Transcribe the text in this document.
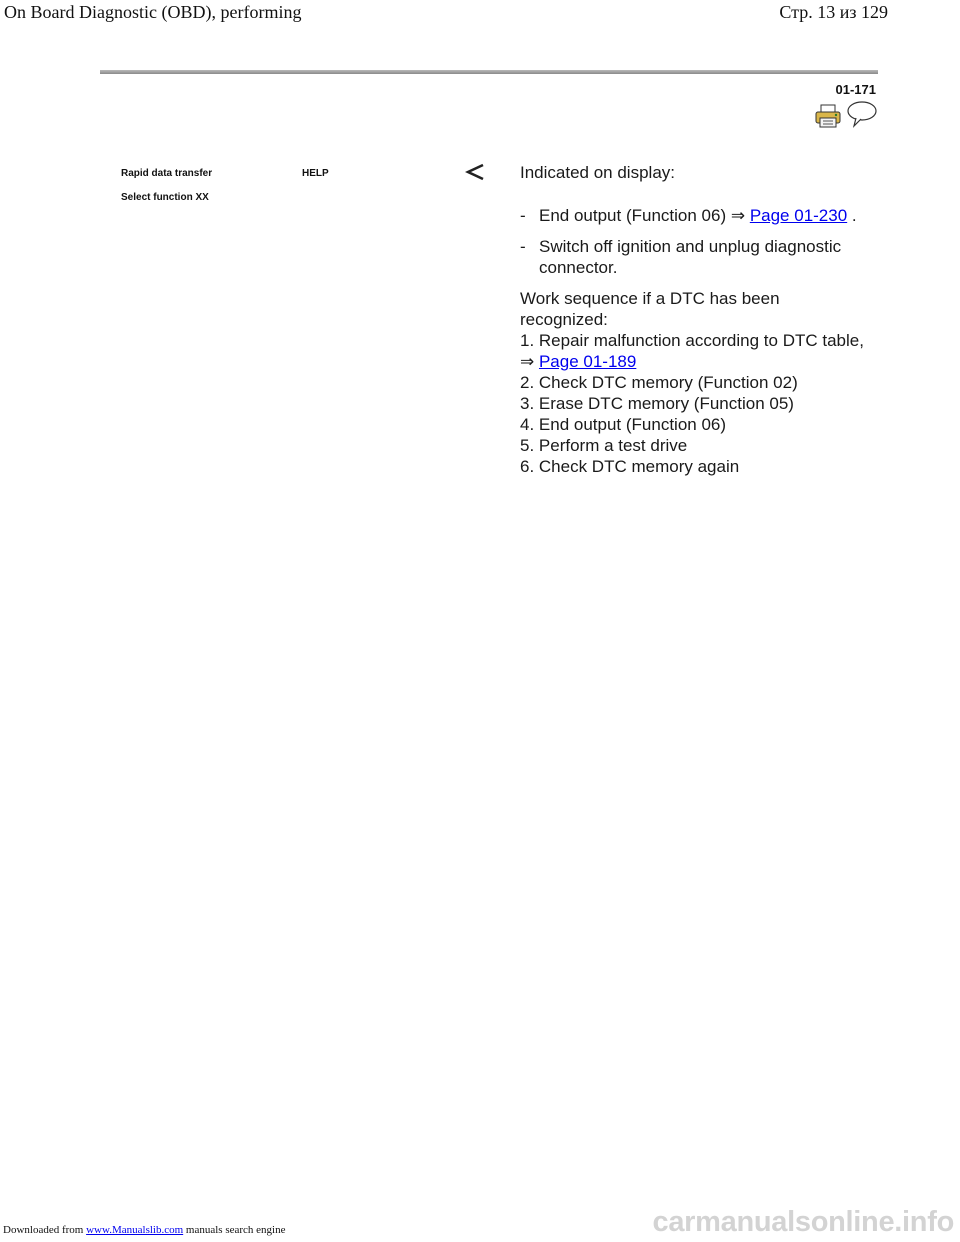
On Board Diagnostic (OBD), performing	Стр. 13 из 129
01-171
Rapid data transfer	HELP
Select function XX

Indicated on display:

- End output (Function 06) ⇒ Page 01-230 .
- Switch off ignition and unplug diagnostic connector.

Work sequence if a DTC has been recognized:

1. Repair malfunction according to DTC table, ⇒ Page 01-189

2. Check DTC memory (Function 02)

3. Erase DTC memory (Function 05)

4. End output (Function 06)

5. Perform a test drive

6. Check DTC memory again

Downloaded from www.Manualslib.com manuals search engine	carmanualsonline.info
